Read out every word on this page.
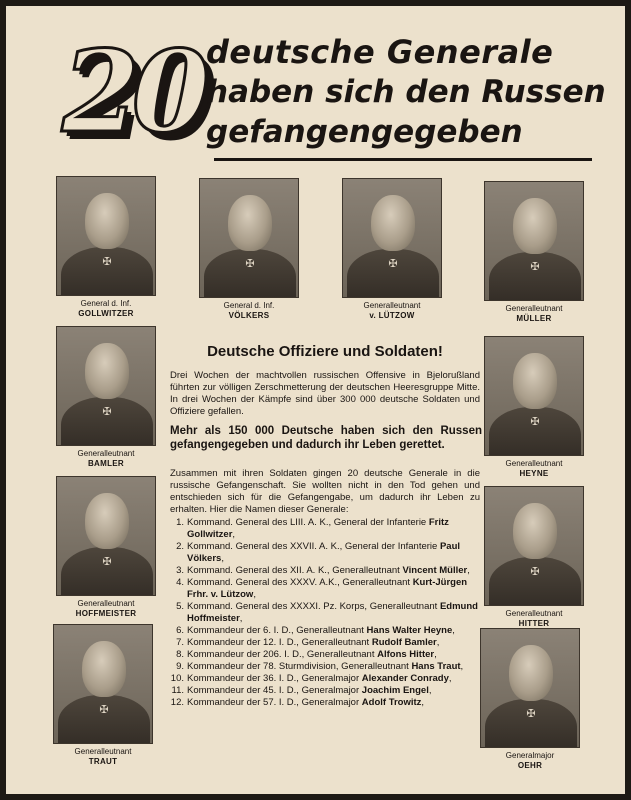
20 deutsche Generale
haben sich den Russen
gefangengegeben
✠
General d. Inf.
GOLLWITZER
✠
General d. Inf.
VÖLKERS
✠
Generalleutnant
v. LÜTZOW
✠
Generalleutnant
MÜLLER
✠
Generalleutnant
BAMLER
✠
Generalleutnant
HEYNE
✠
Generalleutnant
HOFFMEISTER
✠
Generalleutnant
HITTER
✠
Generalleutnant
TRAUT
✠
Generalmajor
OEHR
Deutsche Offiziere und Soldaten!

Drei Wochen der machtvollen russischen Offensive in Bjelorußland führten zur völligen Zerschmetterung der deutschen Heeresgruppe Mitte. In drei Wochen der Kämpfe sind über 300 000 deutsche Soldaten und Offiziere gefallen.

Mehr als 150 000 Deutsche haben sich den Russen gefangengegeben und dadurch ihr Leben gerettet.

Zusammen mit ihren Soldaten gingen 20 deutsche Generale in die russische Gefangenschaft. Sie wollten nicht in den Tod gehen und entschieden sich für die Gefangengabe, um dadurch ihr Leben zu erhalten. Hier die Namen dieser Generale:

1. Kommand. General des LIII. A. K., General der Infanterie Fritz Gollwitzer,
2. Kommand. General des XXVII. A. K., General der Infanterie Paul Völkers,
3. Kommand. General des XII. A. K., Generalleutnant Vincent Müller,
4. Kommand. General des XXXV. A.K., Generalleutnant Kurt-Jürgen Frhr. v. Lützow,
5. Kommand. General des XXXXI. Pz. Korps, Generalleutnant Edmund Hoffmeister,
6. Kommandeur der 6. I. D., Generalleutnant Hans Walter Heyne,
7. Kommandeur der 12. I. D., Generalleutnant Rudolf Bamler,
8. Kommandeur der 206. I. D., Generalleutnant Alfons Hitter,
9. Kommandeur der 78. Sturmdivision, Generalleutnant Hans Traut,
10. Kommandeur der 36. I. D., Generalmajor Alexander Conrady,
11. Kommandeur der 45. I. D., Generalmajor Joachim Engel,
12. Kommandeur der 57. I. D., Generalmajor Adolf Trowitz,
